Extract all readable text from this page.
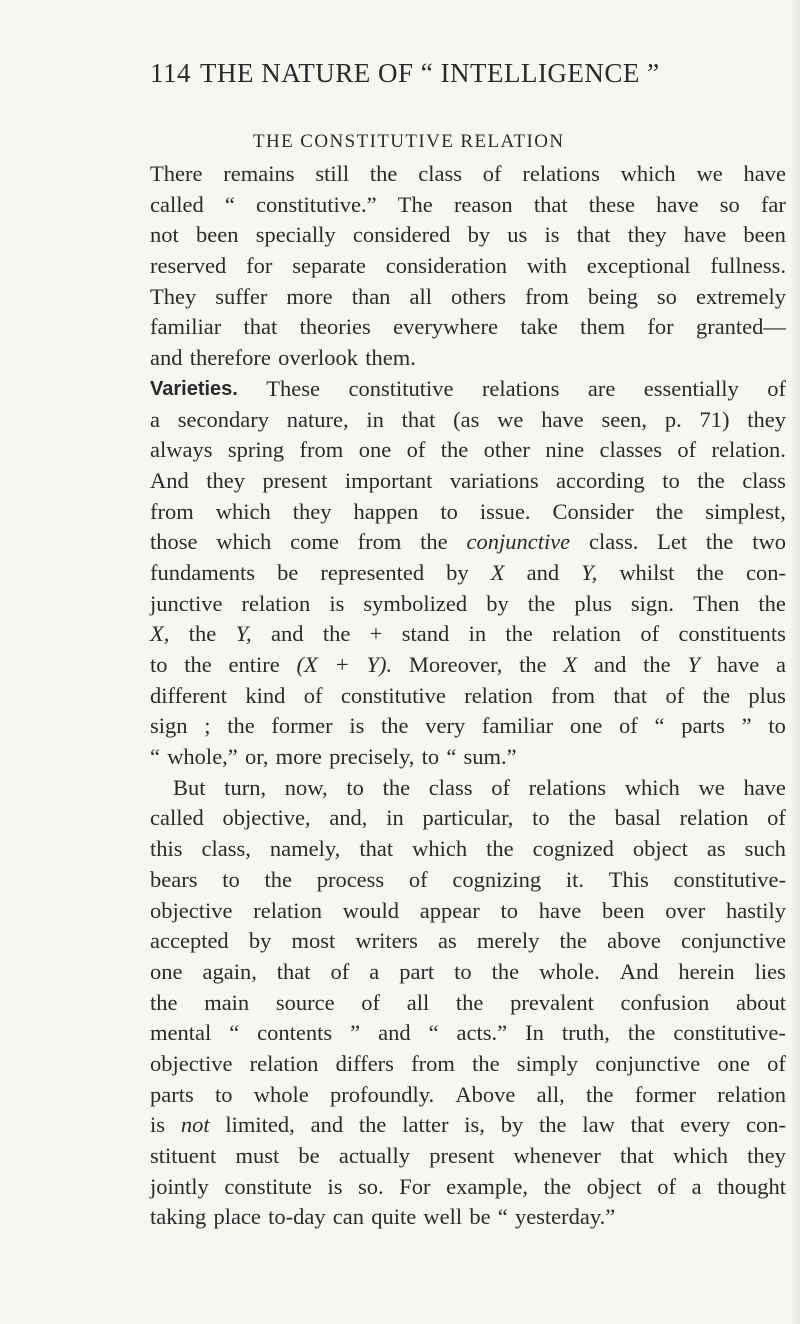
114 THE NATURE OF “ INTELLIGENCE ”
THE CONSTITUTIVE RELATION
There remains still the class of relations which we have
called “ constitutive.” The reason that these have so far
not been specially considered by us is that they have been
reserved for separate consideration with exceptional fullness.
They suffer more than all others from being so extremely
familiar that theories everywhere take them for granted—
and therefore overlook them.
Varieties. These constitutive relations are essentially of
a secondary nature, in that (as we have seen, p. 71) they
always spring from one of the other nine classes of relation.
And they present important variations according to the class
from which they happen to issue. Consider the simplest,
those which come from the conjunctive class. Let the two
fundaments be represented by X and Y, whilst the con-
junctive relation is symbolized by the plus sign. Then the
X, the Y, and the + stand in the relation of constituents
to the entire (X + Y). Moreover, the X and the Y have a
different kind of constitutive relation from that of the plus
sign ; the former is the very familiar one of “ parts ” to
“ whole,” or, more precisely, to “ sum.”
But turn, now, to the class of relations which we have
called objective, and, in particular, to the basal relation of
this class, namely, that which the cognized object as such
bears to the process of cognizing it. This constitutive-
objective relation would appear to have been over hastily
accepted by most writers as merely the above conjunctive
one again, that of a part to the whole. And herein lies
the main source of all the prevalent confusion about
mental “ contents ” and “ acts.” In truth, the constitutive-
objective relation differs from the simply conjunctive one of
parts to whole profoundly. Above all, the former relation
is not limited, and the latter is, by the law that every con-
stituent must be actually present whenever that which they
jointly constitute is so. For example, the object of a thought
taking place to-day can quite well be “ yesterday.”
